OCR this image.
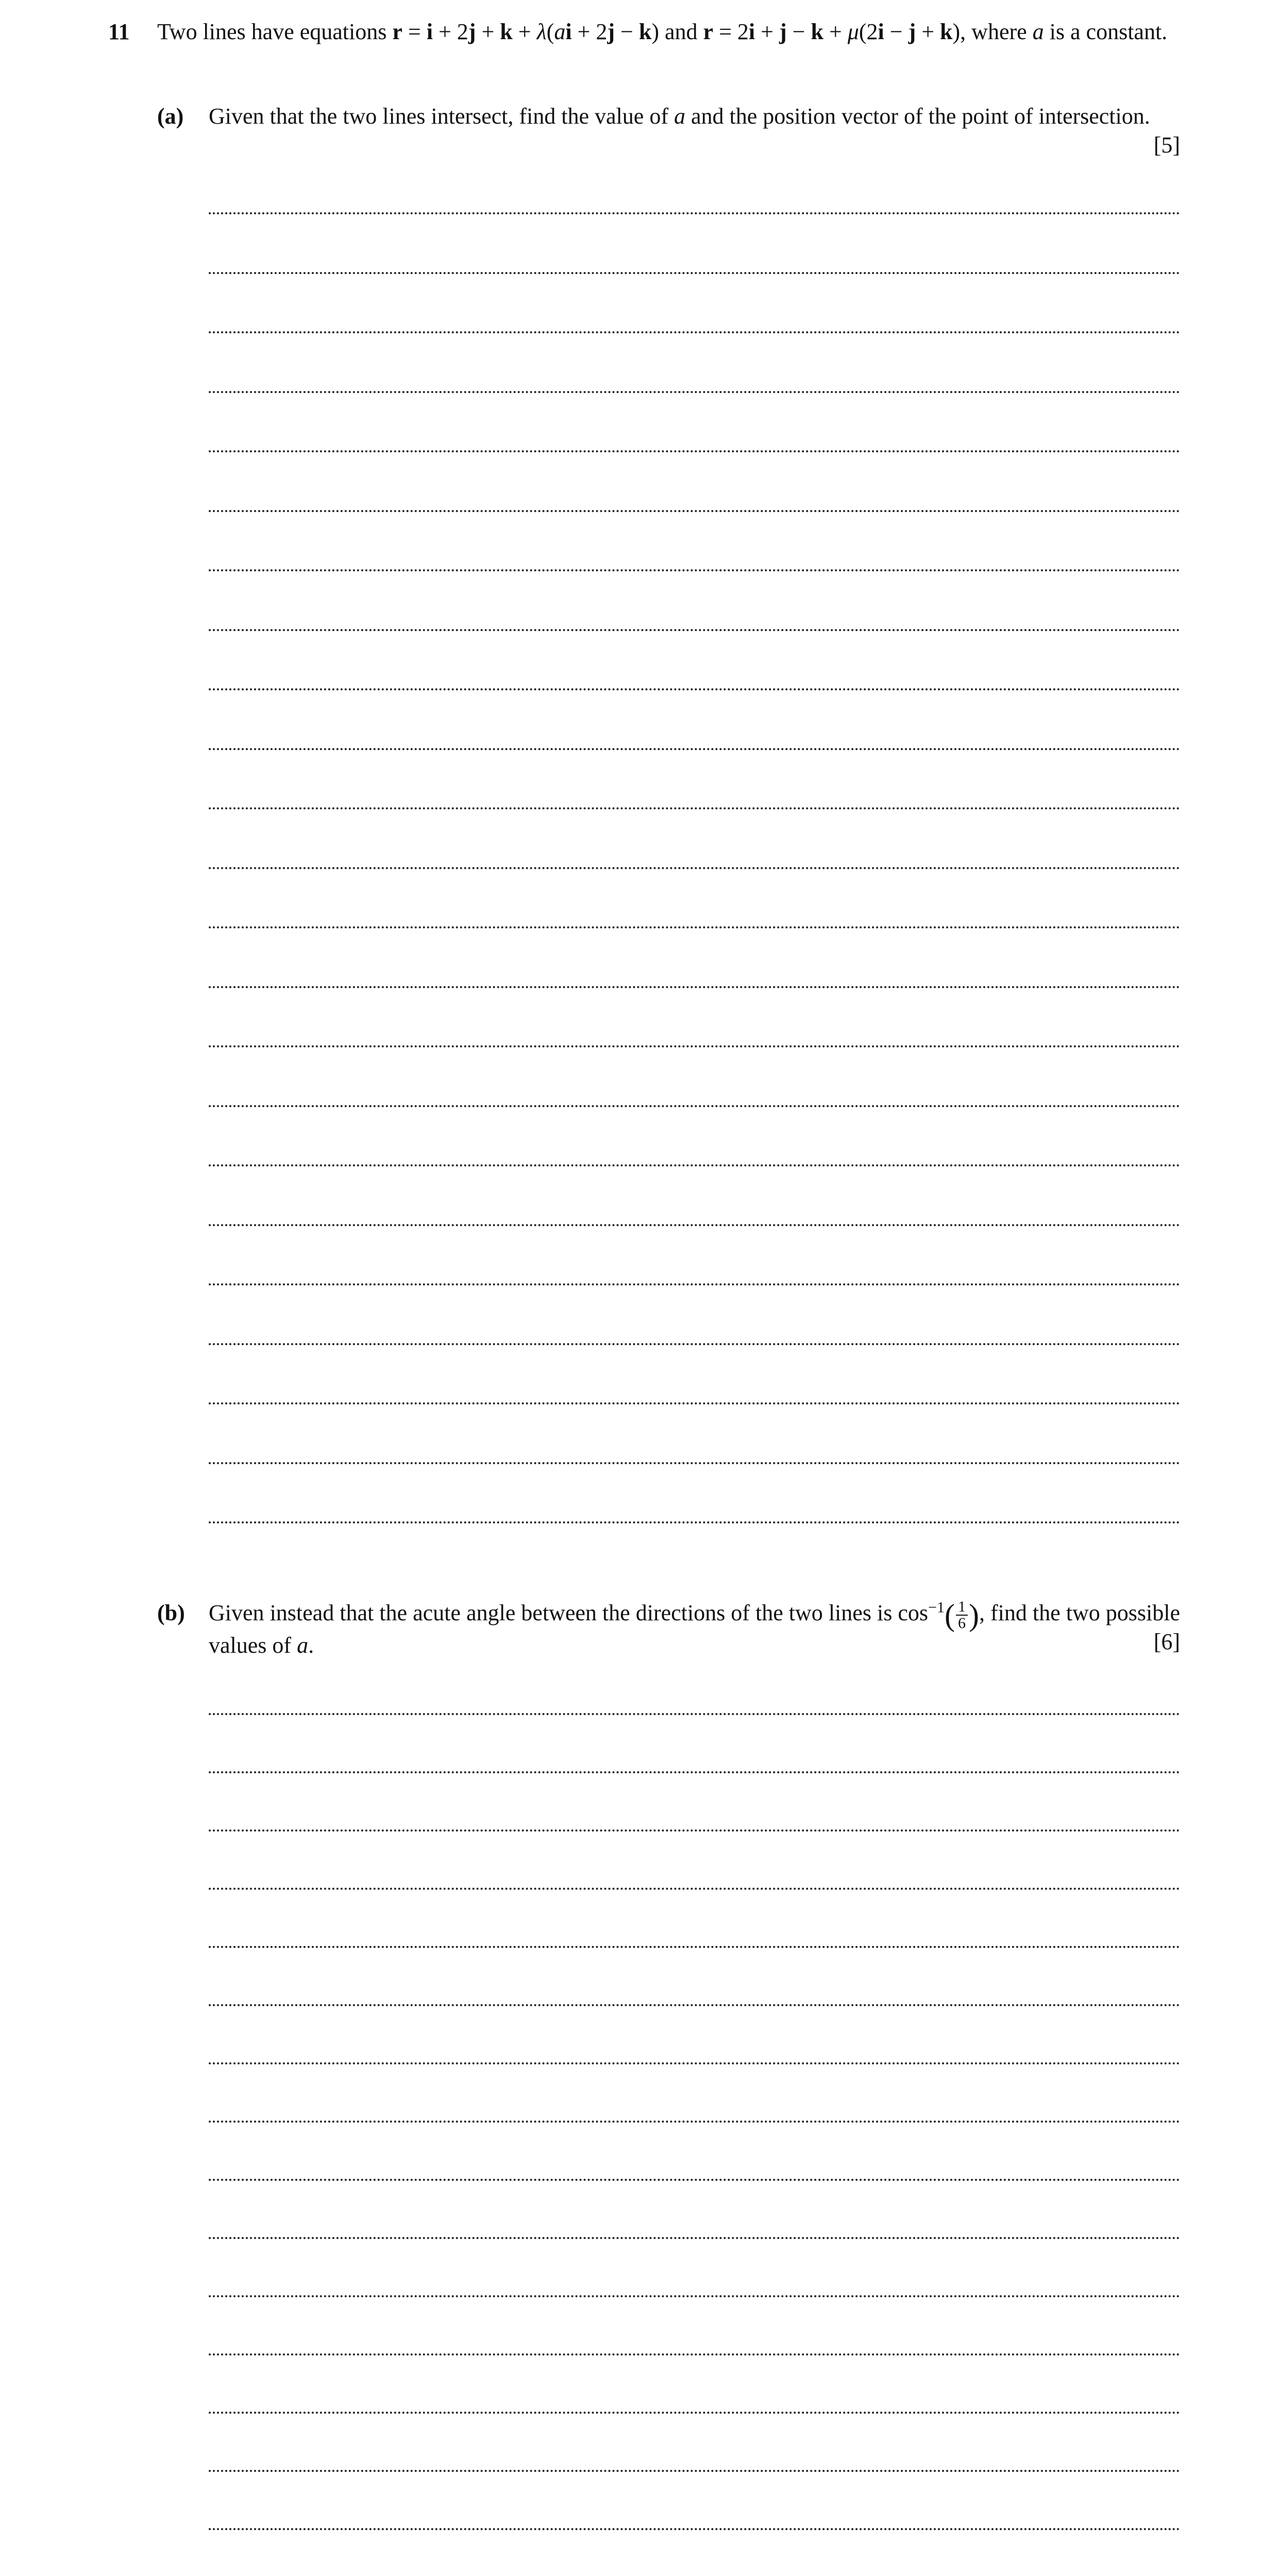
11 Two lines have equations r = i + 2j + k + λ(ai + 2j − k) and r = 2i + j − k + μ(2i − j + k), where a is a constant.
(a) Given that the two lines intersect, find the value of a and the position vector of the point of intersection.
[5]
(b) Given instead that the acute angle between the directions of the two lines is $\cos^{-1}( \frac{1}{6}$ ), find the two possible values of a.	[6]
